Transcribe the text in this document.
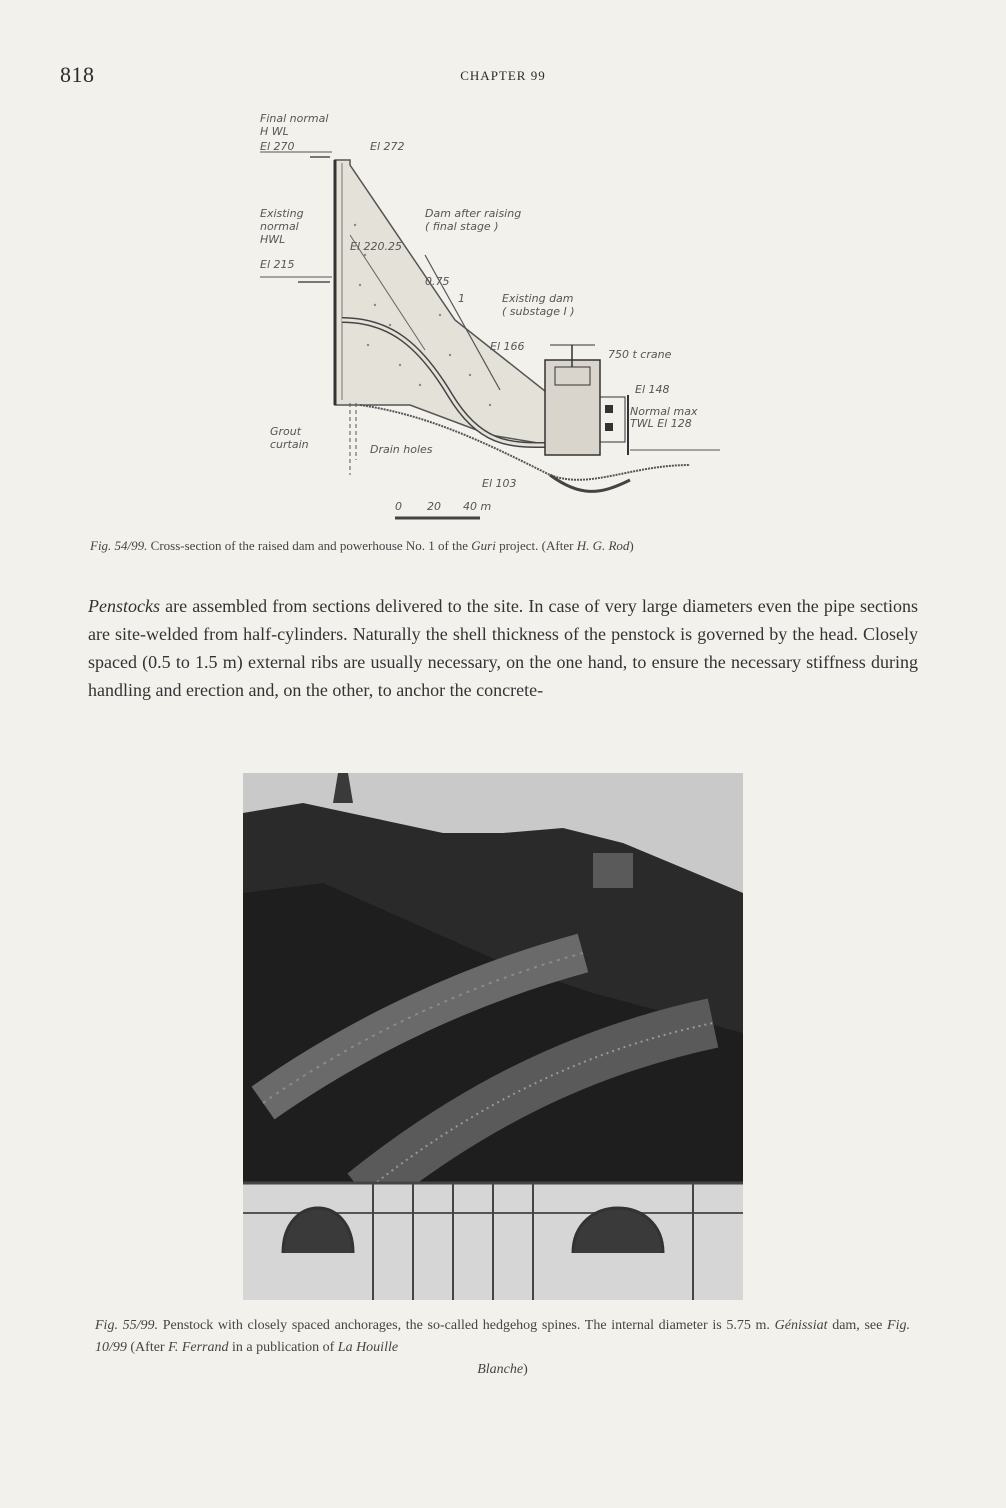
818	CHAPTER 99
Final normal
H WL
El 270	El 272
Existing
normal
HWL
El 215
El 220.25
Dam after raising
( final stage )
0.75
1	Existing dam
( substage I )
El 166
750 t crane
El 148
Normal max
TWL El 128
Grout
curtain	Drain holes
El 103
0 20 40 m
Fig. 54/99. Cross-section of the raised dam and powerhouse No. 1 of the Guri project. (After H. G. Rod)

Penstocks are assembled from sections delivered to the site. In case of very large diameters even the pipe sections are site-welded from half-cylinders. Naturally the shell thickness of the penstock is governed by the head. Closely spaced (0.5 to 1.5 m) external ribs are usually necessary, on the one hand, to ensure the necessary stiffness during handling and erection and, on the other, to anchor the concrete-

Fig. 55/99. Penstock with closely spaced anchorages, the so-called hedgehog spines. The internal diameter is 5.75 m. Génissiat dam, see Fig. 10/99 (After F. Ferrand in a publication of La Houille
Blanche)
